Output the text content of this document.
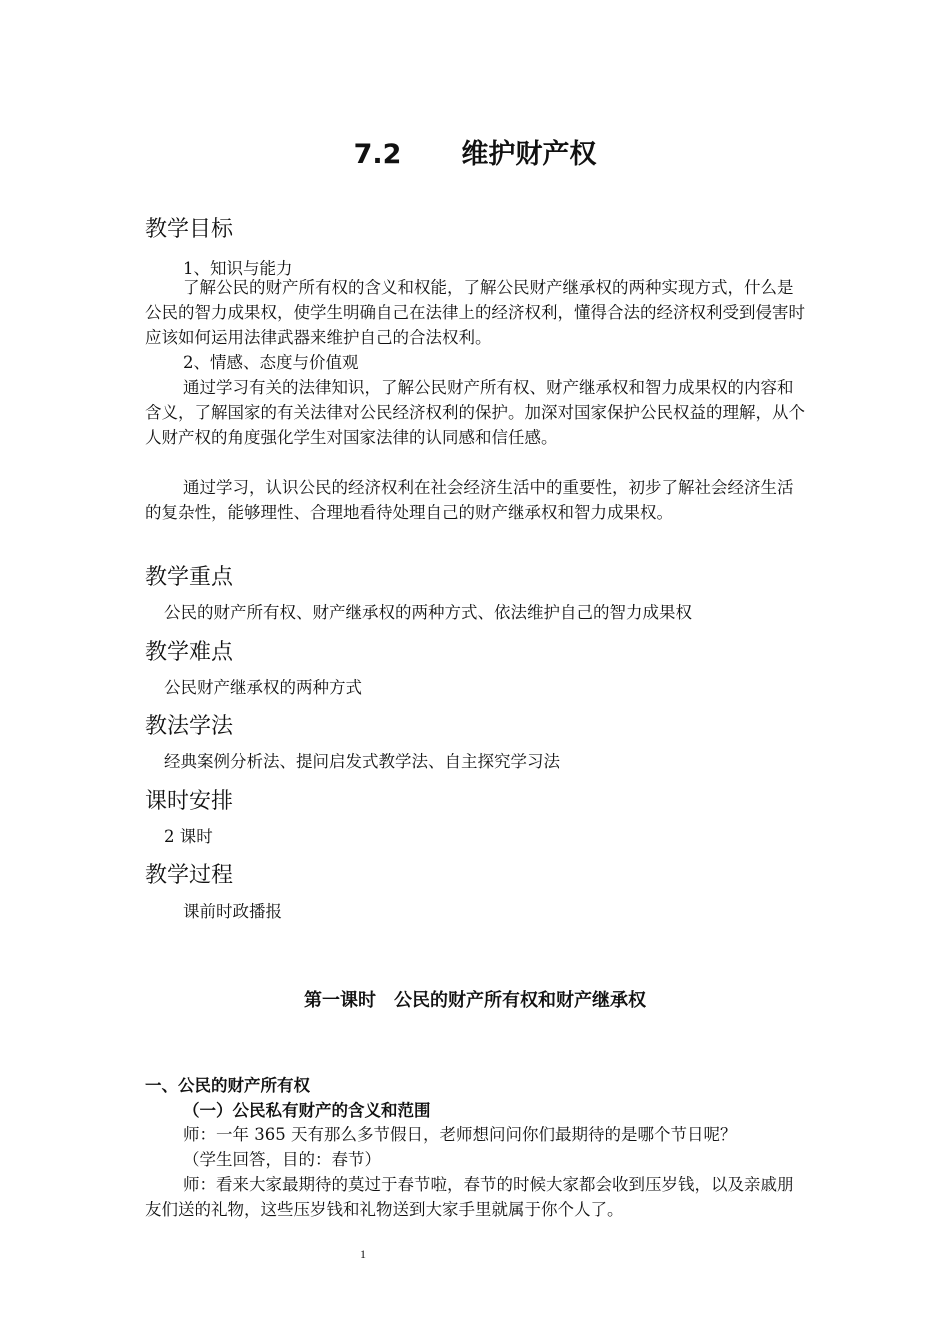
7.2 维护财产权
教学目标
1、知识与能力
了解公民的财产所有权的含义和权能，了解公民财产继承权的两种实现方式，什么是公民的智力成果权，使学生明确自己在法律上的经济权利，懂得合法的经济权利受到侵害时应该如何运用法律武器来维护自己的合法权利。
2、情感、态度与价值观
通过学习有关的法律知识，了解公民财产所有权、财产继承权和智力成果权的内容和含义，了解国家的有关法律对公民经济权利的保护。加深对国家保护公民权益的理解，从个人财产权的角度强化学生对国家法律的认同感和信任感。
通过学习，认识公民的经济权利在社会经济生活中的重要性，初步了解社会经济生活的复杂性，能够理性、合理地看待处理自己的财产继承权和智力成果权。
教学重点
公民的财产所有权、财产继承权的两种方式、依法维护自己的智力成果权
教学难点
公民财产继承权的两种方式
教法学法
经典案例分析法、提问启发式教学法、自主探究学习法
课时安排
2 课时
教学过程
课前时政播报
第一课时　公民的财产所有权和财产继承权
一、公民的财产所有权
（一）公民私有财产的含义和范围
师：一年 365 天有那么多节假日，老师想问问你们最期待的是哪个节日呢？
（学生回答，目的：春节）
师：看来大家最期待的莫过于春节啦，春节的时候大家都会收到压岁钱，以及亲戚朋友们送的礼物，这些压岁钱和礼物送到大家手里就属于你个人了。
1
